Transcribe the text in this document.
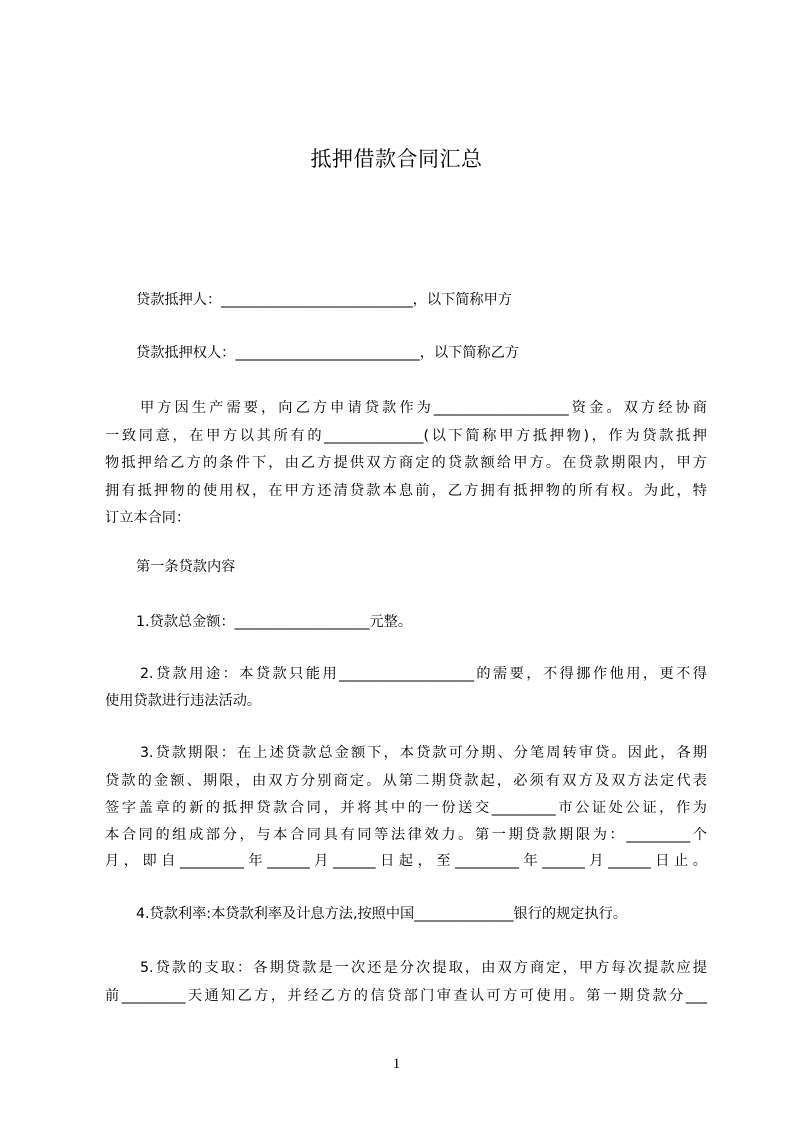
抵押借款合同汇总

贷款抵押人：___________________________，以下简称甲方

贷款抵押权人：__________________________，以下简称乙方

甲方因生产需要，向乙方申请贷款作为___________________资金。双方经协商

一致同意，在甲方以其所有的______________(以下简称甲方抵押物)，作为贷款抵押

物抵押给乙方的条件下，由乙方提供双方商定的贷款额给甲方。在贷款期限内，甲方

拥有抵押物的使用权，在甲方还清贷款本息前，乙方拥有抵押物的所有权。为此，特

订立本合同：

第一条贷款内容

1.贷款总金额：___________________元整。

2.贷款用途：本贷款只能用___________________的需要，不得挪作他用，更不得

使用贷款进行违法活动。

3.贷款期限：在上述贷款总金额下，本贷款可分期、分笔周转审贷。因此，各期

贷款的金额、期限，由双方分别商定。从第二期贷款起，必须有双方及双方法定代表

签字盖章的新的抵押贷款合同，并将其中的一份送交_________市公证处公证，作为

本合同的组成部分，与本合同具有同等法律效力。第一期贷款期限为：_________个

月，即自_________年______月______日起，至_________年______月______日止。

4.贷款利率:本贷款利率及计息方法,按照中国______________银行的规定执行。

5.贷款的支取：各期贷款是一次还是分次提取，由双方商定，甲方每次提款应提

前_________天通知乙方，并经乙方的信贷部门审查认可方可使用。第一期贷款分___

1
